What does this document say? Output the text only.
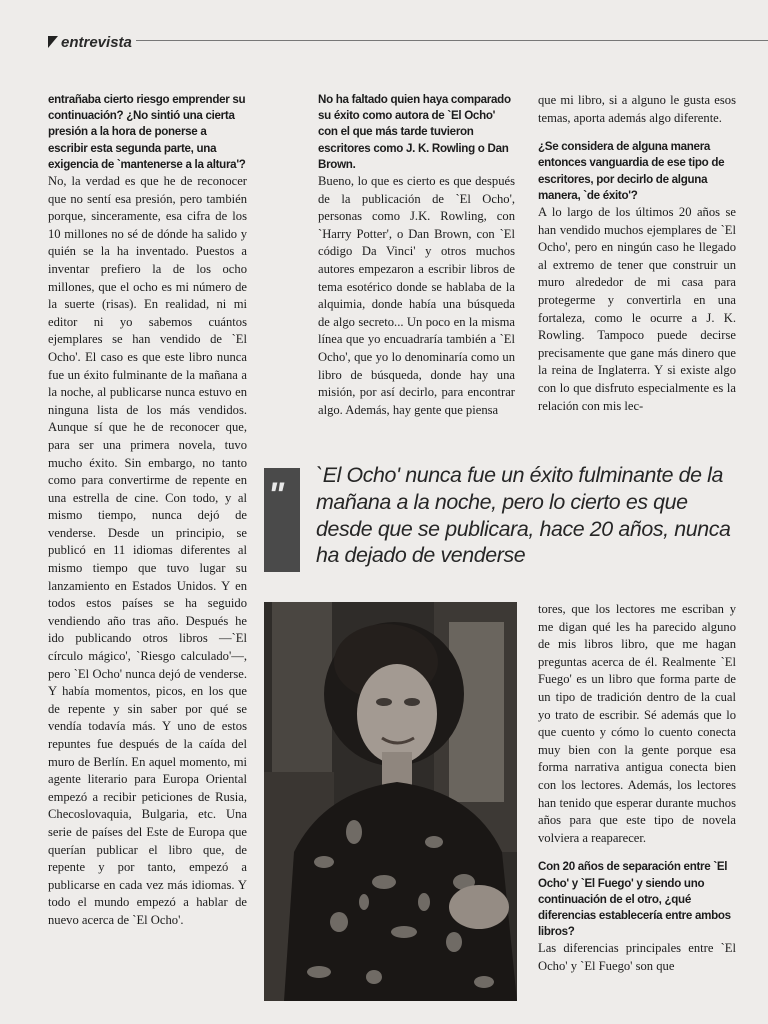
entrevista

entrañaba cierto riesgo emprender su continuación? ¿No sintió una cierta presión a la hora de ponerse a escribir esta segunda parte, una exigencia de `mantenerse a la altura'?

No, la verdad es que he de reconocer que no sentí esa presión, pero también porque, sinceramente, esa cifra de los 10 millones no sé de dónde ha salido y quién se la ha inventado. Puestos a inventar prefiero la de los ocho millones, que el ocho es mi número de la suerte (risas). En realidad, ni mi editor ni yo sabemos cuántos ejemplares se han vendido de `El Ocho'. El caso es que este libro nunca fue un éxito fulminante de la mañana a la noche, al publicarse nunca estuvo en ninguna lista de los más vendidos. Aunque sí que he de reconocer que, para ser una primera novela, tuvo mucho éxito. Sin embargo, no tanto como para convertirme de repente en una estrella de cine. Con todo, y al mismo tiempo, nunca dejó de venderse. Desde un principio, se publicó en 11 idiomas diferentes al mismo tiempo que tuvo lugar su lanzamiento en Estados Unidos. Y en todos estos países se ha seguido vendiendo año tras año. Después he ido publicando otros libros —`El círculo mágico', `Riesgo calculado'—, pero `El Ocho' nunca dejó de venderse. Y había momentos, picos, en los que de repente y sin saber por qué se vendía todavía más. Y uno de estos repuntes fue después de la caída del muro de Berlín. En aquel momento, mi agente literario para Europa Oriental empezó a recibir peticiones de Rusia, Checoslovaquia, Bulgaria, etc. Una serie de países del Este de Europa que querían publicar el libro que, de repente y por tanto, empezó a publicarse en cada vez más idiomas. Y todo el mundo empezó a hablar de nuevo acerca de `El Ocho'.

No ha faltado quien haya comparado su éxito como autora de `El Ocho' con el que más tarde tuvieron escritores como J. K. Rowling o Dan Brown.

Bueno, lo que es cierto es que después de la publicación de `El Ocho', personas como J.K. Rowling, con `Harry Potter', o Dan Brown, con `El código Da Vinci' y otros muchos autores empezaron a escribir libros de tema esotérico donde se hablaba de la alquimia, donde había una búsqueda de algo secreto... Un poco en la misma línea que yo encuadraría también a `El Ocho', que yo lo denominaría como un libro de búsqueda, donde hay una misión, por así decirlo, para encontrar algo. Además, hay gente que piensa

que mi libro, si a alguno le gusta esos temas, aporta además algo diferente.

¿Se considera de alguna manera entonces vanguardia de ese tipo de escritores, por decirlo de alguna manera, `de éxito'?

A lo largo de los últimos 20 años se han vendido muchos ejemplares de `El Ocho', pero en ningún caso he llegado al extremo de tener que construir un muro alrededor de mi casa para protegerme y convertirla en una fortaleza, como le ocurre a J. K. Rowling. Tampoco puede decirse precisamente que gane más dinero que la reina de Inglaterra. Y si existe algo con lo que disfruto especialmente es la relación con mis lec-

"
`El Ocho' nunca fue un éxito fulminante de la mañana a la noche, pero lo cierto es que desde que se publicara, hace 20 años, nunca ha dejado de venderse

tores, que los lectores me escriban y me digan qué les ha parecido alguno de mis libros libro, que me hagan preguntas acerca de él. Realmente `El Fuego' es un libro que forma parte de un tipo de tradición dentro de la cual yo trato de escribir. Sé además que lo que cuento y cómo lo cuento conecta muy bien con la gente porque esa forma narrativa antigua conecta bien con los lectores. Además, los lectores han tenido que esperar durante muchos años para que este tipo de novela volviera a reaparecer.

Con 20 años de separación entre `El Ocho' y `El Fuego' y siendo uno continuación de el otro, ¿qué diferencias establecería entre ambos libros?

Las diferencias principales entre `El Ocho' y `El Fuego' son que
